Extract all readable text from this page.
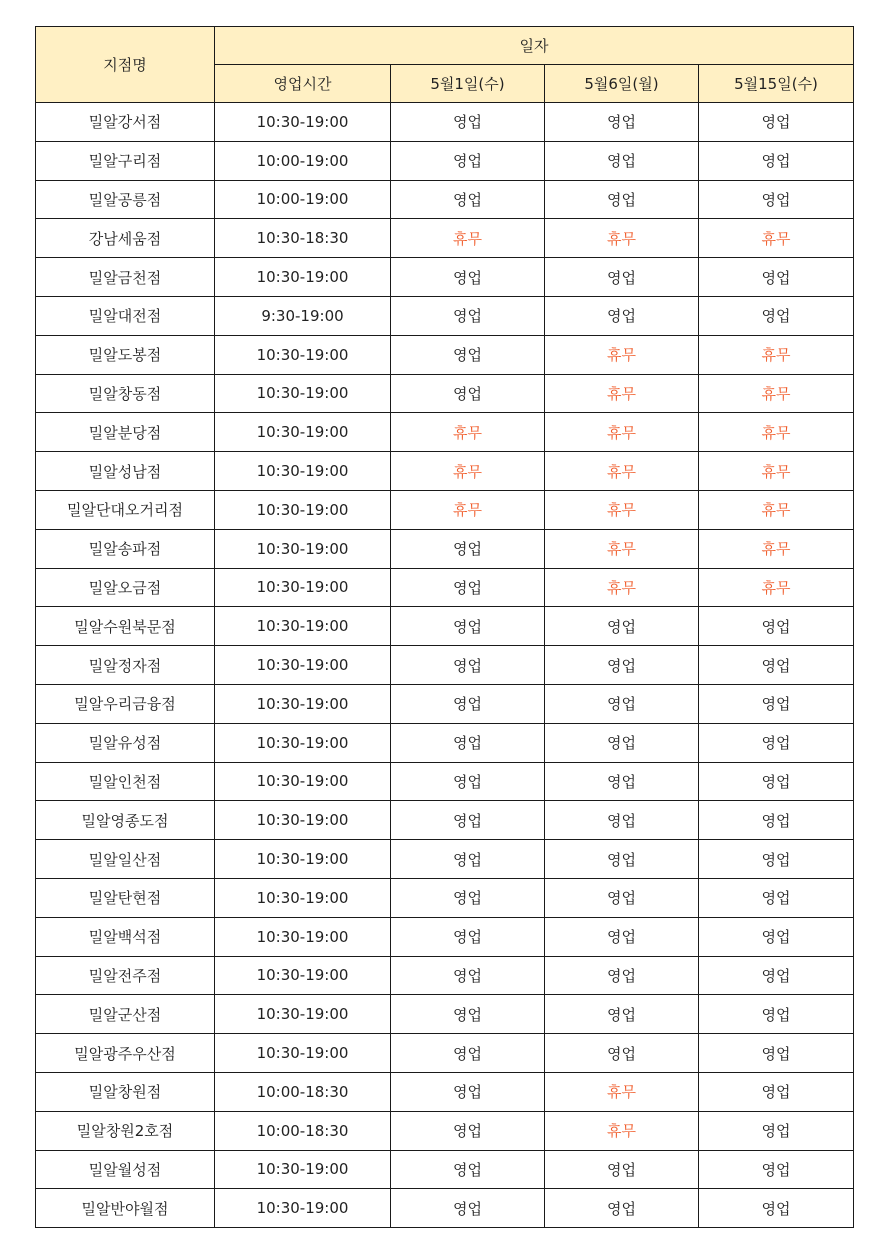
지점명	일자			
	영업시간	5월1일(수)	5월6일(월)	5월15일(수)
밀알강서점	10:30-19:00	영업	영업	영업
밀알구리점	10:00-19:00	영업	영업	영업
밀알공릉점	10:00-19:00	영업	영업	영업
강남세움점	10:30-18:30	휴무	휴무	휴무
밀알금천점	10:30-19:00	영업	영업	영업
밀알대전점	9:30-19:00	영업	영업	영업
밀알도봉점	10:30-19:00	영업	휴무	휴무
밀알창동점	10:30-19:00	영업	휴무	휴무
밀알분당점	10:30-19:00	휴무	휴무	휴무
밀알성남점	10:30-19:00	휴무	휴무	휴무
밀알단대오거리점	10:30-19:00	휴무	휴무	휴무
밀알송파점	10:30-19:00	영업	휴무	휴무
밀알오금점	10:30-19:00	영업	휴무	휴무
밀알수원북문점	10:30-19:00	영업	영업	영업
밀알정자점	10:30-19:00	영업	영업	영업
밀알우리금융점	10:30-19:00	영업	영업	영업
밀알유성점	10:30-19:00	영업	영업	영업
밀알인천점	10:30-19:00	영업	영업	영업
밀알영종도점	10:30-19:00	영업	영업	영업
밀알일산점	10:30-19:00	영업	영업	영업
밀알탄현점	10:30-19:00	영업	영업	영업
밀알백석점	10:30-19:00	영업	영업	영업
밀알전주점	10:30-19:00	영업	영업	영업
밀알군산점	10:30-19:00	영업	영업	영업
밀알광주우산점	10:30-19:00	영업	영업	영업
밀알창원점	10:00-18:30	영업	휴무	영업
밀알창원2호점	10:00-18:30	영업	휴무	영업
밀알월성점	10:30-19:00	영업	영업	영업
밀알반야월점	10:30-19:00	영업	영업	영업
